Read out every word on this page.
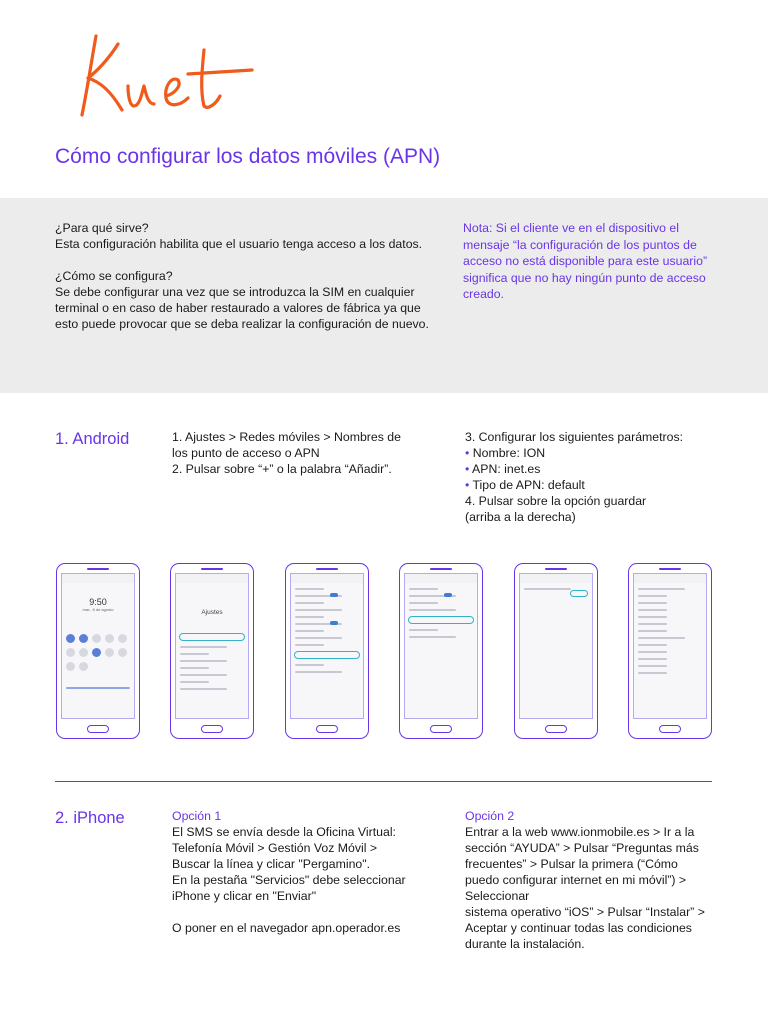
Cómo configurar los datos móviles (APN)

¿Para qué sirve?
Esta configuración habilita que el usuario tenga acceso a los datos.

¿Cómo se configura?
Se debe configurar una vez que se introduzca la SIM en cualquier terminal o en caso de haber restaurado a valores de fábrica ya que esto puede provocar que se deba realizar la configuración de nuevo.

Nota: Si el cliente ve en el dispositivo el mensaje “la configuración de los puntos de acceso no está disponible para este usuario” significa que no hay ningún punto de acceso creado.
1. Android	1. Ajustes > Redes móviles > Nombres de los punto de acceso o APN
2. Pulsar sobre “+” o la palabra “Añadir”.
3. Configurar los siguientes parámetros:
• Nombre: ION
• APN: inet.es
• Tipo de APN: default
4. Pulsar sobre la opción guardar
(arriba a la derecha)
9:50
mar., 8 de agosto	Ajustes
2. iPhone	Opción 1
El SMS se envía desde la Oficina Virtual:
Telefonía Móvil > Gestión Voz Móvil >
Buscar la línea y clicar "Pergamino".
En la pestaña "Servicios" debe seleccionar
iPhone y clicar en "Enviar"
O poner en el navegador apn.operador.es
Opción 2
Entrar a la web www.ionmobile.es > Ir a la
sección “AYUDA” > Pulsar “Preguntas más
frecuentes” > Pulsar la primera (“Cómo
puedo configurar internet en mi móvil”) >
Seleccionar
sistema operativo “iOS” > Pulsar “Instalar” >
Aceptar y continuar todas las condiciones
durante la instalación.
